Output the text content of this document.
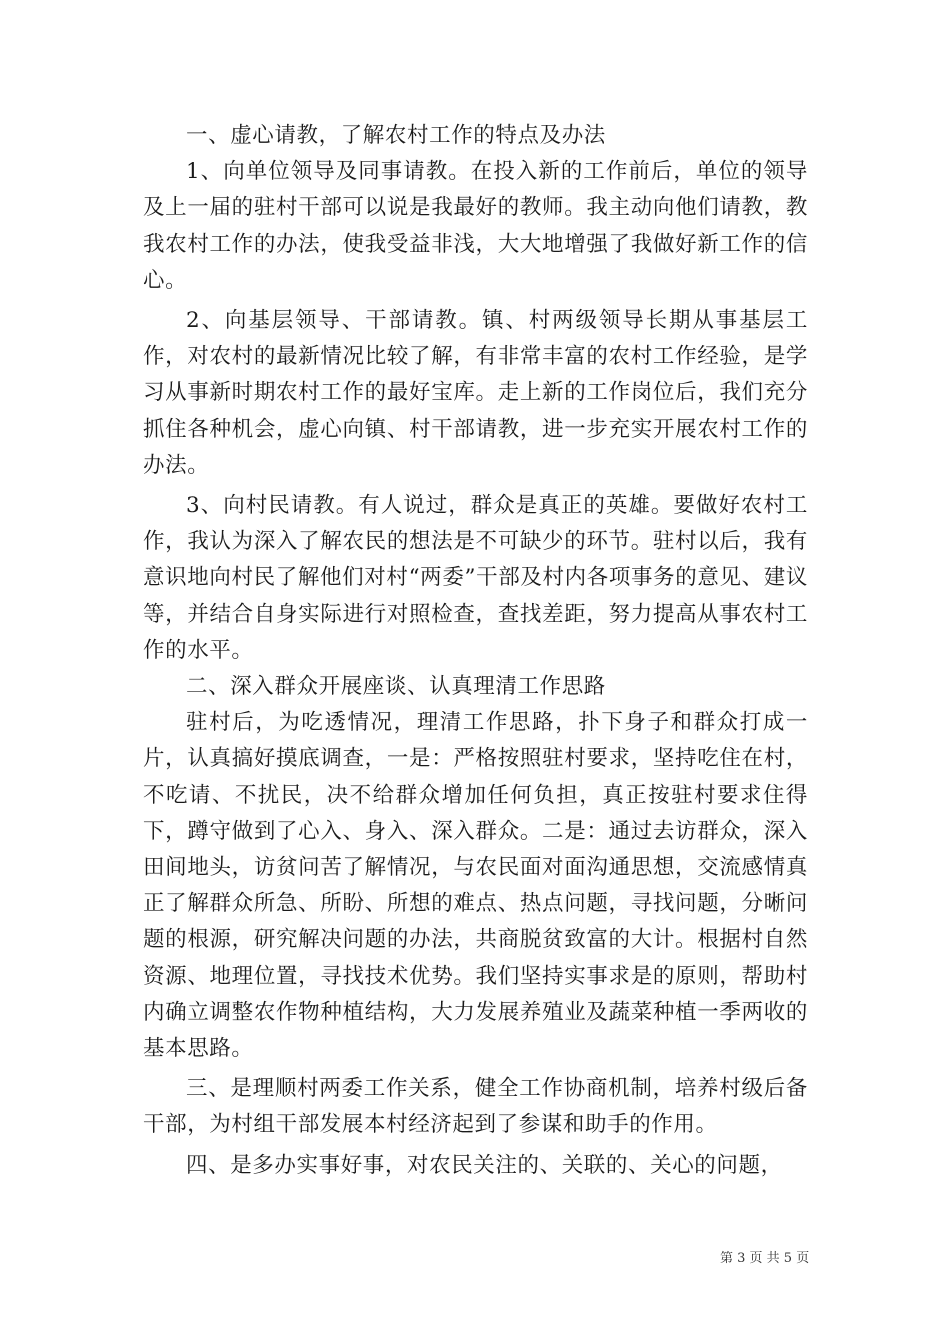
一、虚心请教，了解农村工作的特点及办法

1、向单位领导及同事请教。在投入新的工作前后，单位的领导及上一届的驻村干部可以说是我最好的教师。我主动向他们请教，教我农村工作的办法，使我受益非浅，大大地增强了我做好新工作的信心。

2、向基层领导、干部请教。镇、村两级领导长期从事基层工作，对农村的最新情况比较了解，有非常丰富的农村工作经验，是学习从事新时期农村工作的最好宝库。走上新的工作岗位后，我们充分抓住各种机会，虚心向镇、村干部请教，进一步充实开展农村工作的办法。

3、向村民请教。有人说过，群众是真正的英雄。要做好农村工作，我认为深入了解农民的想法是不可缺少的环节。驻村以后，我有意识地向村民了解他们对村“两委”干部及村内各项事务的意见、建议等，并结合自身实际进行对照检查，查找差距，努力提高从事农村工作的水平。

二、深入群众开展座谈、认真理清工作思路

驻村后，为吃透情况，理清工作思路，扑下身子和群众打成一片，认真搞好摸底调查，一是：严格按照驻村要求，坚持吃住在村，不吃请、不扰民，决不给群众增加任何负担，真正按驻村要求住得下，蹲守做到了心入、身入、深入群众。二是：通过去访群众，深入田间地头，访贫问苦了解情况，与农民面对面沟通思想，交流感情真正了解群众所急、所盼、所想的难点、热点问题，寻找问题，分晰问题的根源，研究解决问题的办法，共商脱贫致富的大计。根据村自然资源、地理位置，寻找技术优势。我们坚持实事求是的原则，帮助村内确立调整农作物种植结构，大力发展养殖业及蔬菜种植一季两收的基本思路。

三、是理顺村两委工作关系，健全工作协商机制，培养村级后备干部，为村组干部发展本村经济起到了参谋和助手的作用。

四、是多办实事好事，对农民关注的、关联的、关心的问题，

第 3 页 共 5 页
